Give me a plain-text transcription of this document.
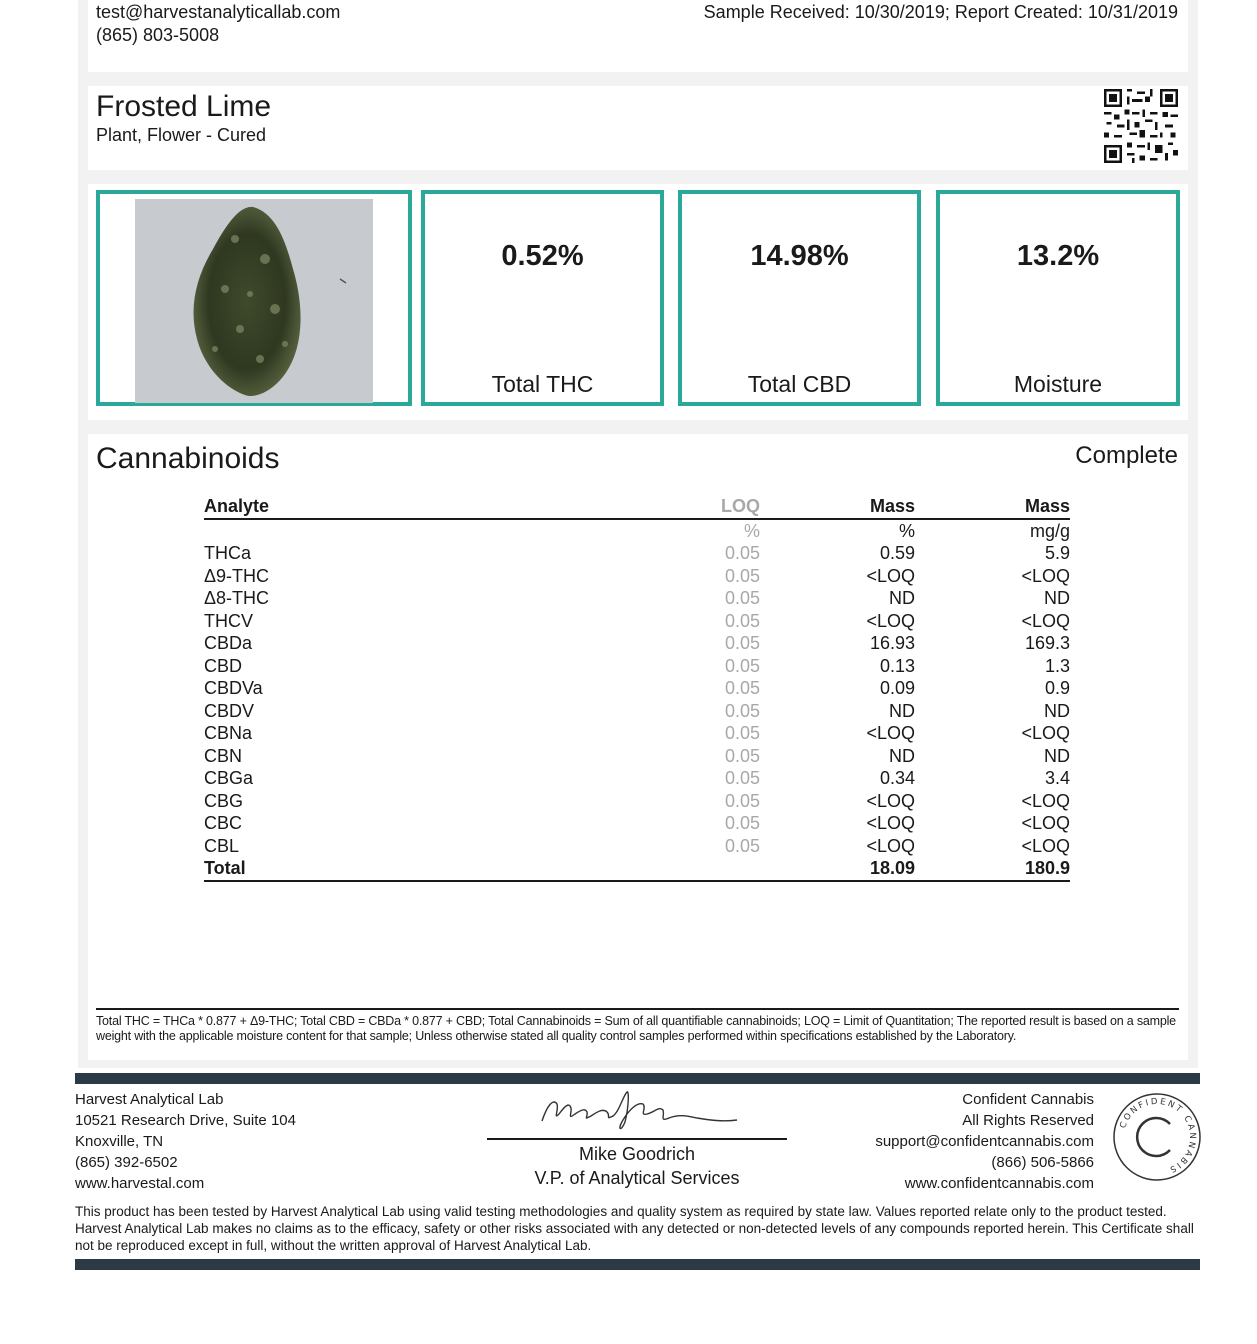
test@harvestanalyticallab.com
(865) 803-5008
Sample Received: 10/30/2019; Report Created: 10/31/2019
Frosted Lime
Plant, Flower - Cured
0.52%
Total THC
14.98%
Total CBD
13.2%
Moisture
Cannabinoids	Complete
Analyte	LOQ	Mass	Mass
	%	%	mg/g
THCa	0.05	0.59	5.9
Δ9-THC	0.05	<LOQ	<LOQ
Δ8-THC	0.05	ND	ND
THCV	0.05	<LOQ	<LOQ
CBDa	0.05	16.93	169.3
CBD	0.05	0.13	1.3
CBDVa	0.05	0.09	0.9
CBDV	0.05	ND	ND
CBNa	0.05	<LOQ	<LOQ
CBN	0.05	ND	ND
CBGa	0.05	0.34	3.4
CBG	0.05	<LOQ	<LOQ
CBC	0.05	<LOQ	<LOQ
CBL	0.05	<LOQ	<LOQ
Total		18.09	180.9
Total THC = THCa * 0.877 + Δ9-THC; Total CBD = CBDa * 0.877 + CBD; Total Cannabinoids = Sum of all quantifiable cannabinoids; LOQ = Limit of Quantitation; The reported result is based on a sample weight with the applicable moisture content for that sample; Unless otherwise stated all quality control samples performed within specifications established by the Laboratory.
Harvest Analytical Lab
10521 Research Drive, Suite 104
Knoxville, TN
(865) 392-6502
www.harvestal.com
Mike Goodrich
V.P. of Analytical Services
Confident Cannabis
All Rights Reserved
support@confidentcannabis.com
(866) 506-5866
www.confidentcannabis.com
CONFIDENT CANNABIS
This product has been tested by Harvest Analytical Lab using valid testing methodologies and quality system as required by state law. Values reported relate only to the product tested. Harvest Analytical Lab makes no claims as to the efficacy, safety or other risks associated with any detected or non-detected levels of any compounds reported herein. This Certificate shall not be reproduced except in full, without the written approval of Harvest Analytical Lab.
